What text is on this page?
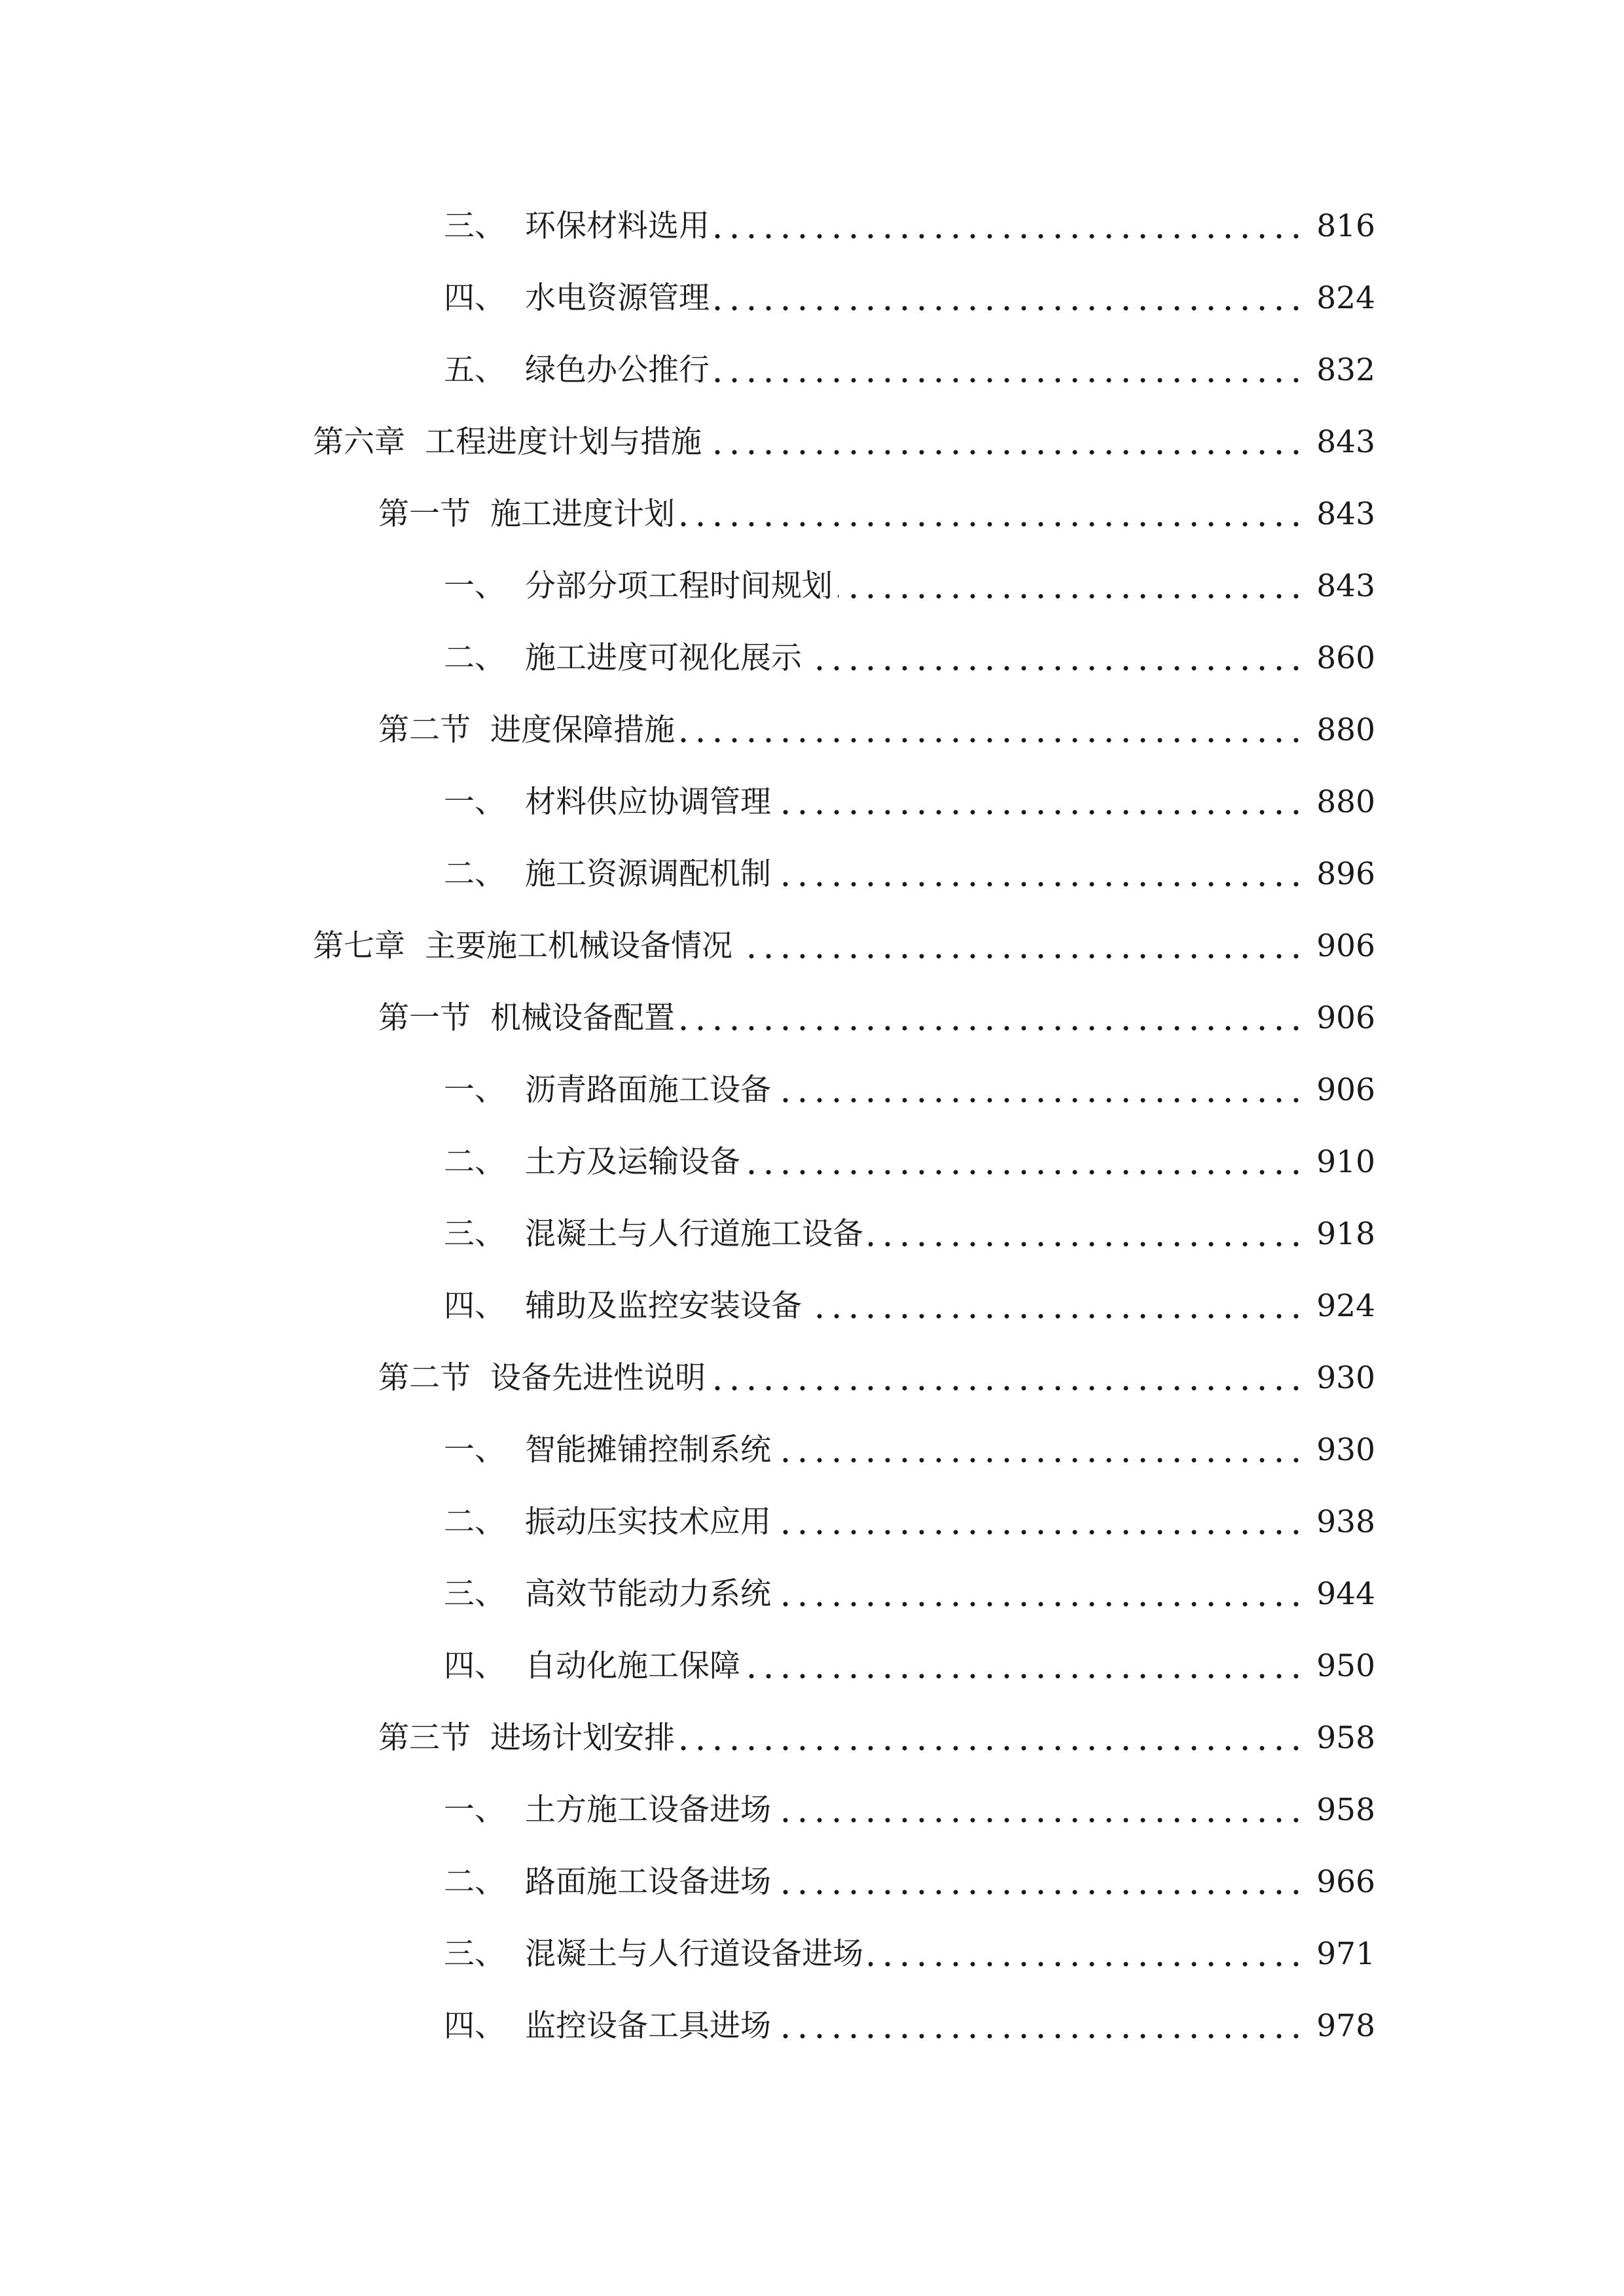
三、 环保材料选用	816
四、 水电资源管理	824
五、 绿色办公推行	832
第六章 工程进度计划与措施	843
第一节 施工进度计划	843
一、 分部分项工程时间规划	843
二、 施工进度可视化展示	860
第二节 进度保障措施	880
一、 材料供应协调管理	880
二、 施工资源调配机制	896
第七章 主要施工机械设备情况	906
第一节 机械设备配置	906
一、 沥青路面施工设备	906
二、 土方及运输设备	910
三、 混凝土与人行道施工设备	918
四、 辅助及监控安装设备	924
第二节 设备先进性说明	930
一、 智能摊铺控制系统	930
二、 振动压实技术应用	938
三、 高效节能动力系统	944
四、 自动化施工保障	950
第三节 进场计划安排	958
一、 土方施工设备进场	958
二、 路面施工设备进场	966
三、 混凝土与人行道设备进场	971
四、 监控设备工具进场	978
